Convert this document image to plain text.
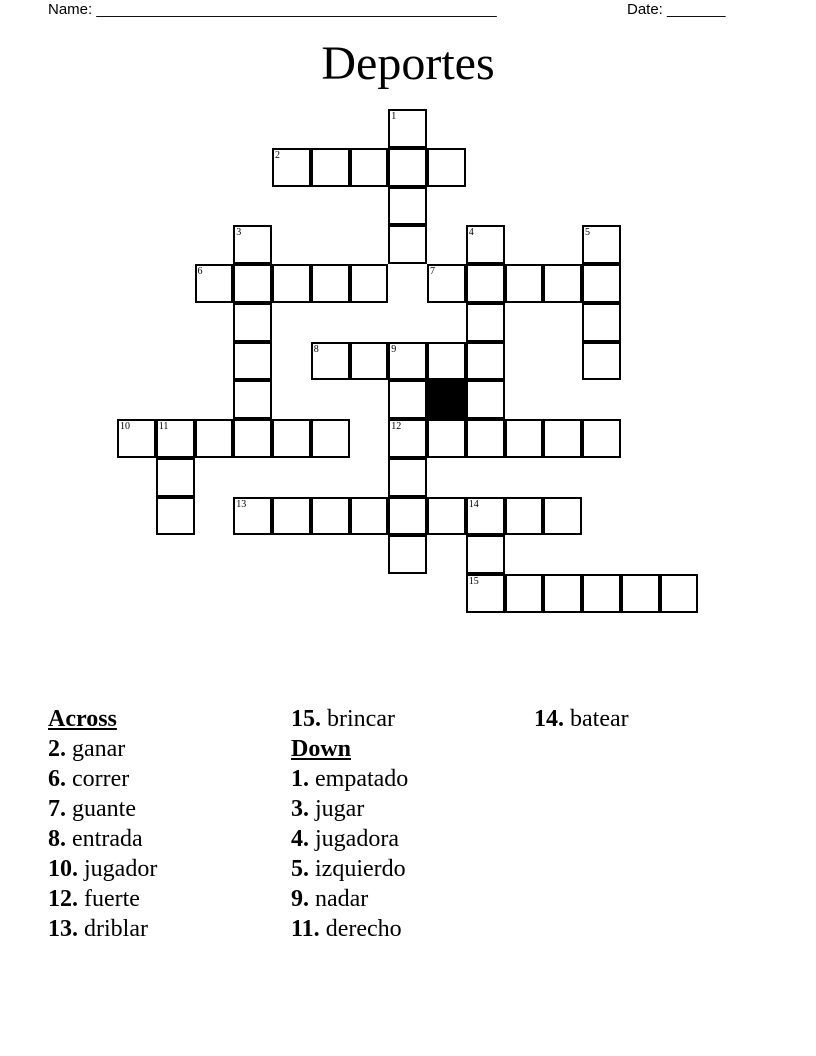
Name: ________________________________________________	Date: _______
Deportes
2
6	7
8	9
10	11	12
13	14
15
1
3	4	5
Across
2. ganar
6. correr
7. guante
8. entrada
10. jugador
12. fuerte
13. driblar
15. brincar
Down
1. empatado
3. jugar
4. jugadora
5. izquierdo
9. nadar
11. derecho
14. batear
